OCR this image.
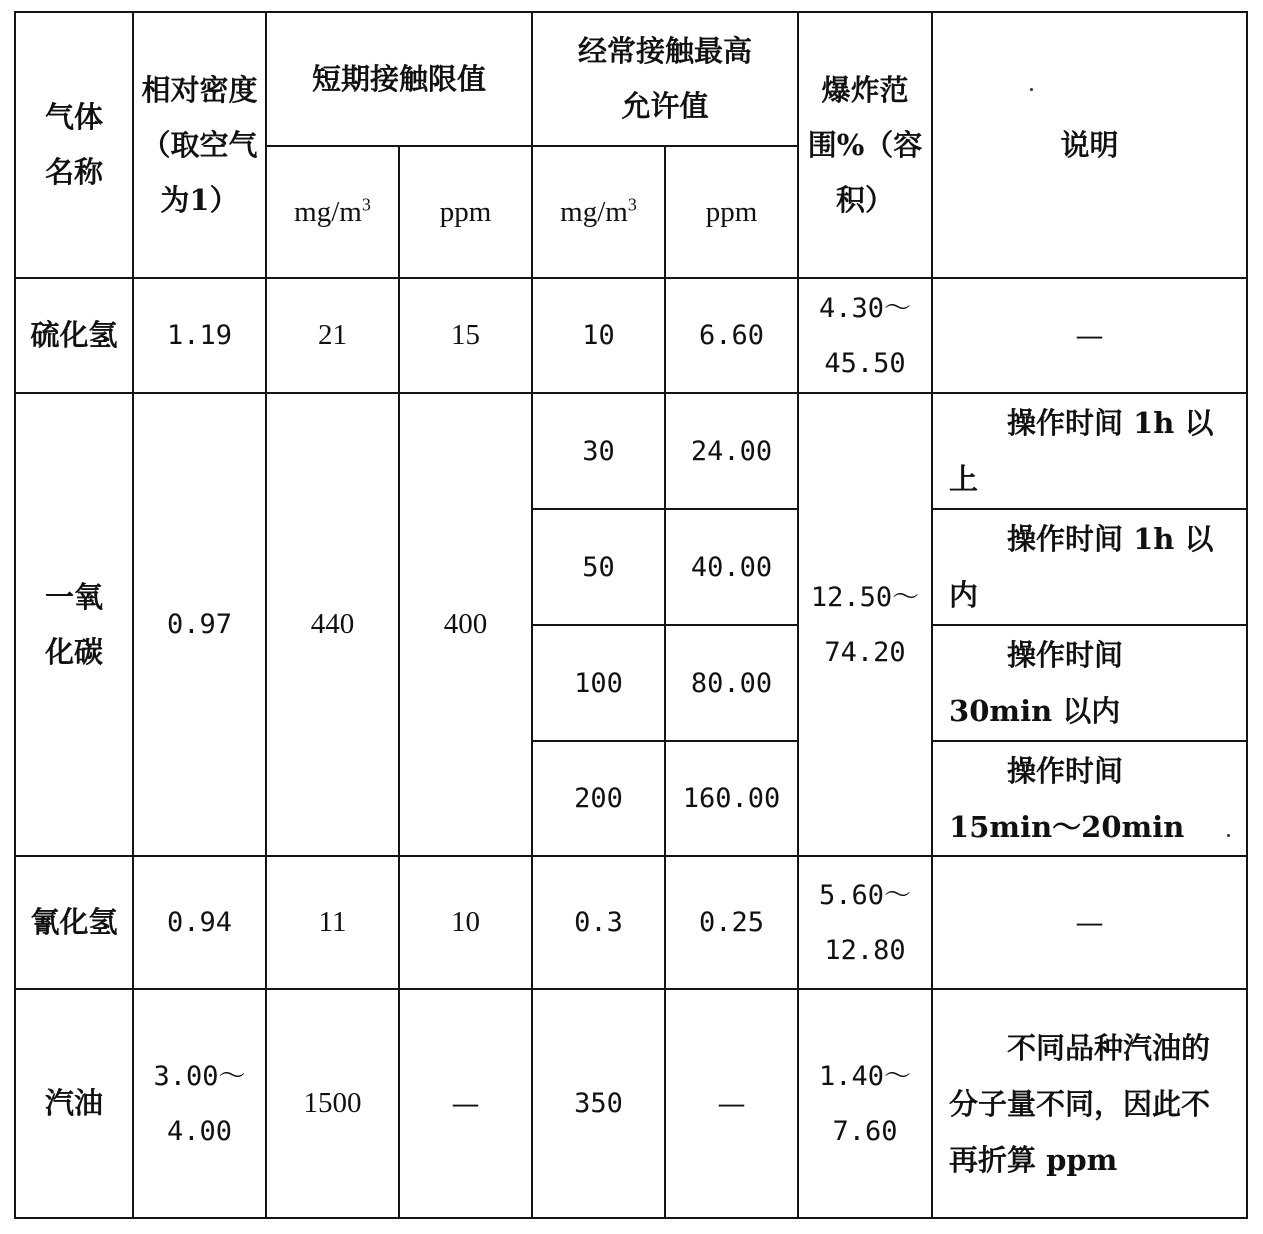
气体名称	相对密度（取空气为1）	短期接触限值		经常接触最高允许值		爆炸范围%（容积）	说明
		$mg/m^3$	ppm	$mg/m^3$	ppm		
硫化氢	1.19	21	15	10	6.60	4.30～45.50	—
一氧化碳	0.97	440	400	30	24.00	12.50～74.20	操作时间 1h 以上
				50	40.00		操作时间 1h 以内
				100	80.00		操作时间 30min 以内
				200	160.00		操作时间 15min～20min
氰化氢	0.94	11	10	0.3	0.25	5.60～12.80	—
汽油	3.00～4.00	1500	—	350	—	1.40～7.60	不同品种汽油的分子量不同，因此不再折算 ppm
